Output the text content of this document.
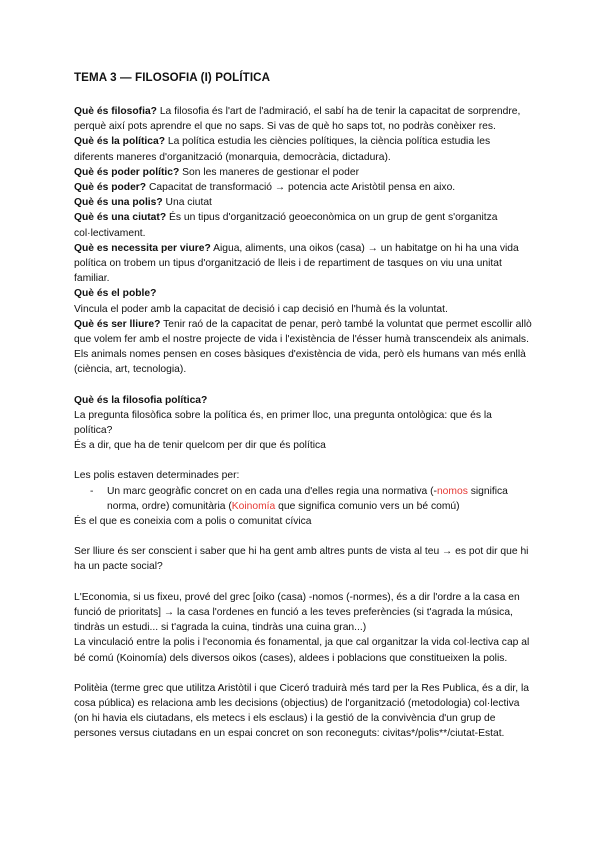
TEMA 3 — FILOSOFIA (I) POLÍTICA

Què és filosofia? La filosofia és l'art de l'admiració, el sabí ha de tenir la capacitat de sorprendre, perquè així pots aprendre el que no saps. Si vas de què ho saps tot, no podràs conèixer res.

Què és la política? La política estudia les ciències polítiques, la ciència política estudia les diferents maneres d'organització (monarquia, democràcia, dictadura).

Què és poder polític? Son les maneres de gestionar el poder

Què és poder? Capacitat de transformació → potencia acte Aristòtil pensa en aixo.

Què és una polis? Una ciutat

Què és una ciutat? És un tipus d'organització geoeconòmica on un grup de gent s'organitza col·lectivament.

Què es necessita per viure? Aigua, aliments, una oikos (casa) → un habitatge on hi ha una vida política on trobem un tipus d'organització de lleis i de repartiment de tasques on viu una unitat familiar.

Què és el poble?

Vincula el poder amb la capacitat de decisió i cap decisió en l'humà és la voluntat.

Què és ser lliure? Tenir raó de la capacitat de penar, però també la voluntat que permet escollir allò que volem fer amb el nostre projecte de vida i l'existència de l'ésser humà transcendeix als animals. Els animals nomes pensen en coses bàsiques d'existència de vida, però els humans van més enllà (ciència, art, tecnologia).

Què és la filosofia política?

La pregunta filosòfica sobre la política és, en primer lloc, una pregunta ontològica: que és la política?

És a dir, que ha de tenir quelcom per dir que és política

Les polis estaven determinades per:

- Un marc geogràfic concret on en cada una d'elles regia una normativa (-nomos significa norma, ordre) comunitària (Koinomía que significa comunio vers un bé comú)

És el que es coneixia com a polis o comunitat cívica

Ser lliure és ser conscient i saber que hi ha gent amb altres punts de vista al teu → es pot dir que hi ha un pacte social?

L'Economia, si us fixeu, prové del grec [oiko (casa) -nomos (-normes), és a dir l'ordre a la casa en funció de prioritats] → la casa l'ordenes en funció a les teves preferències (si t'agrada la música, tindràs un estudi... si t'agrada la cuina, tindràs una cuina gran...)

La vinculació entre la polis i l'economia és fonamental, ja que cal organitzar la vida col·lectiva cap al bé comú (Koinomía) dels diversos oikos (cases), aldees i poblacions que constitueixen la polis.

Politèia (terme grec que utilitza Aristòtil i que Ciceró traduirà més tard per la Res Publica, és a dir, la cosa pública) es relaciona amb les decisions (objectius) de l'organització (metodologia) col·lectiva (on hi havia els ciutadans, els metecs i els esclaus) i la gestió de la convivència d'un grup de persones versus ciutadans en un espai concret on son reconeguts: civitas*/polis**/ciutat-Estat.
